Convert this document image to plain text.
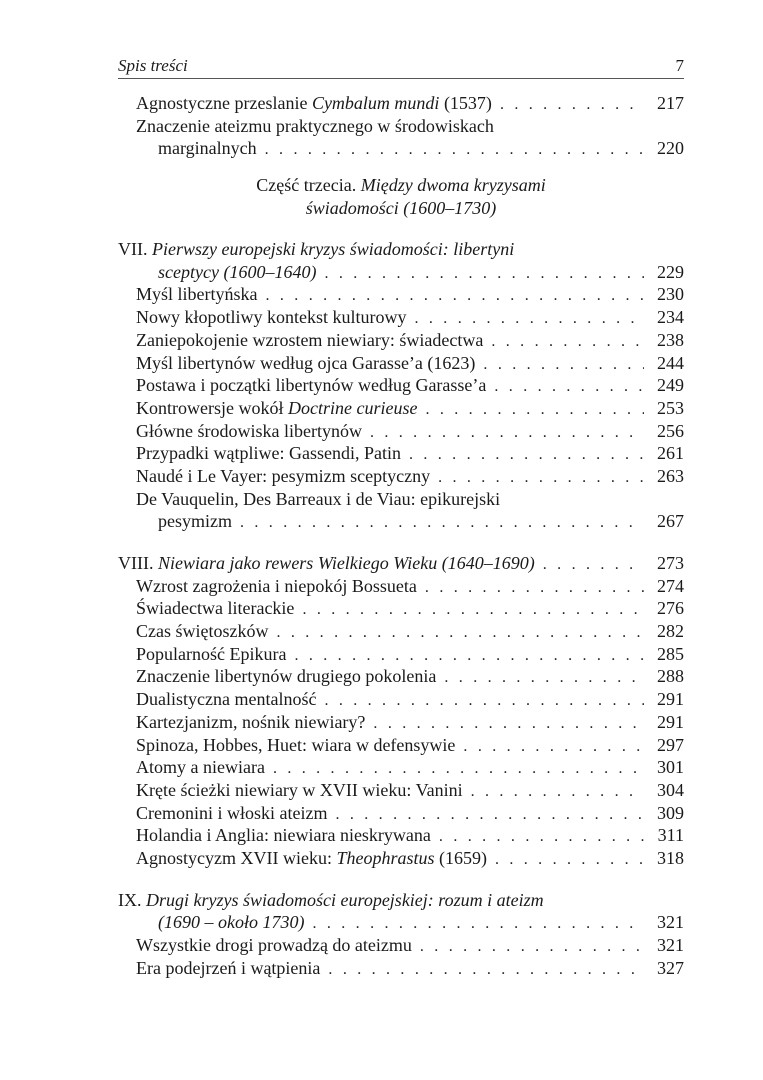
Spis treści	7
Agnostyczne przeslanie Cymbalum mundi (1537) . . .	217
Znaczenie ateizmu praktycznego w środowiskach
marginalnych . . .	220
Część trzecia. Między dwoma kryzysami
świadomości (1600–1730)
VII. Pierwszy europejski kryzys świadomości: libertyni
sceptycy (1600–1640) . . .	229
Myśl libertyńska . . .	230
Nowy kłopotliwy kontekst kulturowy . . .	234
Zaniepokojenie wzrostem niewiary: świadectwa . . .	238
Myśl libertynów według ojca Garasse’a (1623) . . .	244
Postawa i początki libertynów według Garasse’a . . .	249
Kontrowersje wokół Doctrine curieuse . . .	253
Główne środowiska libertynów . . .	256
Przypadki wątpliwe: Gassendi, Patin . . .	261
Naudé i Le Vayer: pesymizm sceptyczny . . .	263
De Vauquelin, Des Barreaux i de Viau: epikurejski
pesymizm . . .	267
VIII. Niewiara jako rewers Wielkiego Wieku (1640–1690) . . .	273
Wzrost zagrożenia i niepokój Bossueta . . .	274
Świadectwa literackie . . .	276
Czas świętoszków . . .	282
Popularność Epikura . . .	285
Znaczenie libertynów drugiego pokolenia . . .	288
Dualistyczna mentalność . . .	291
Kartezjanizm, nośnik niewiary? . . .	291
Spinoza, Hobbes, Huet: wiara w defensywie . . .	297
Atomy a niewiara . . .	301
Kręte ścieżki niewiary w XVII wieku: Vanini . . .	304
Cremonini i włoski ateizm . . .	309
Holandia i Anglia: niewiara nieskrywana . . .	311
Agnostycyzm XVII wieku: Theophrastus (1659) . . .	318
IX. Drugi kryzys świadomości europejskiej: rozum i ateizm
(1690 – około 1730) . . .	321
Wszystkie drogi prowadzą do ateizmu . . .	321
Era podejrzeń i wątpienia . . .	327
